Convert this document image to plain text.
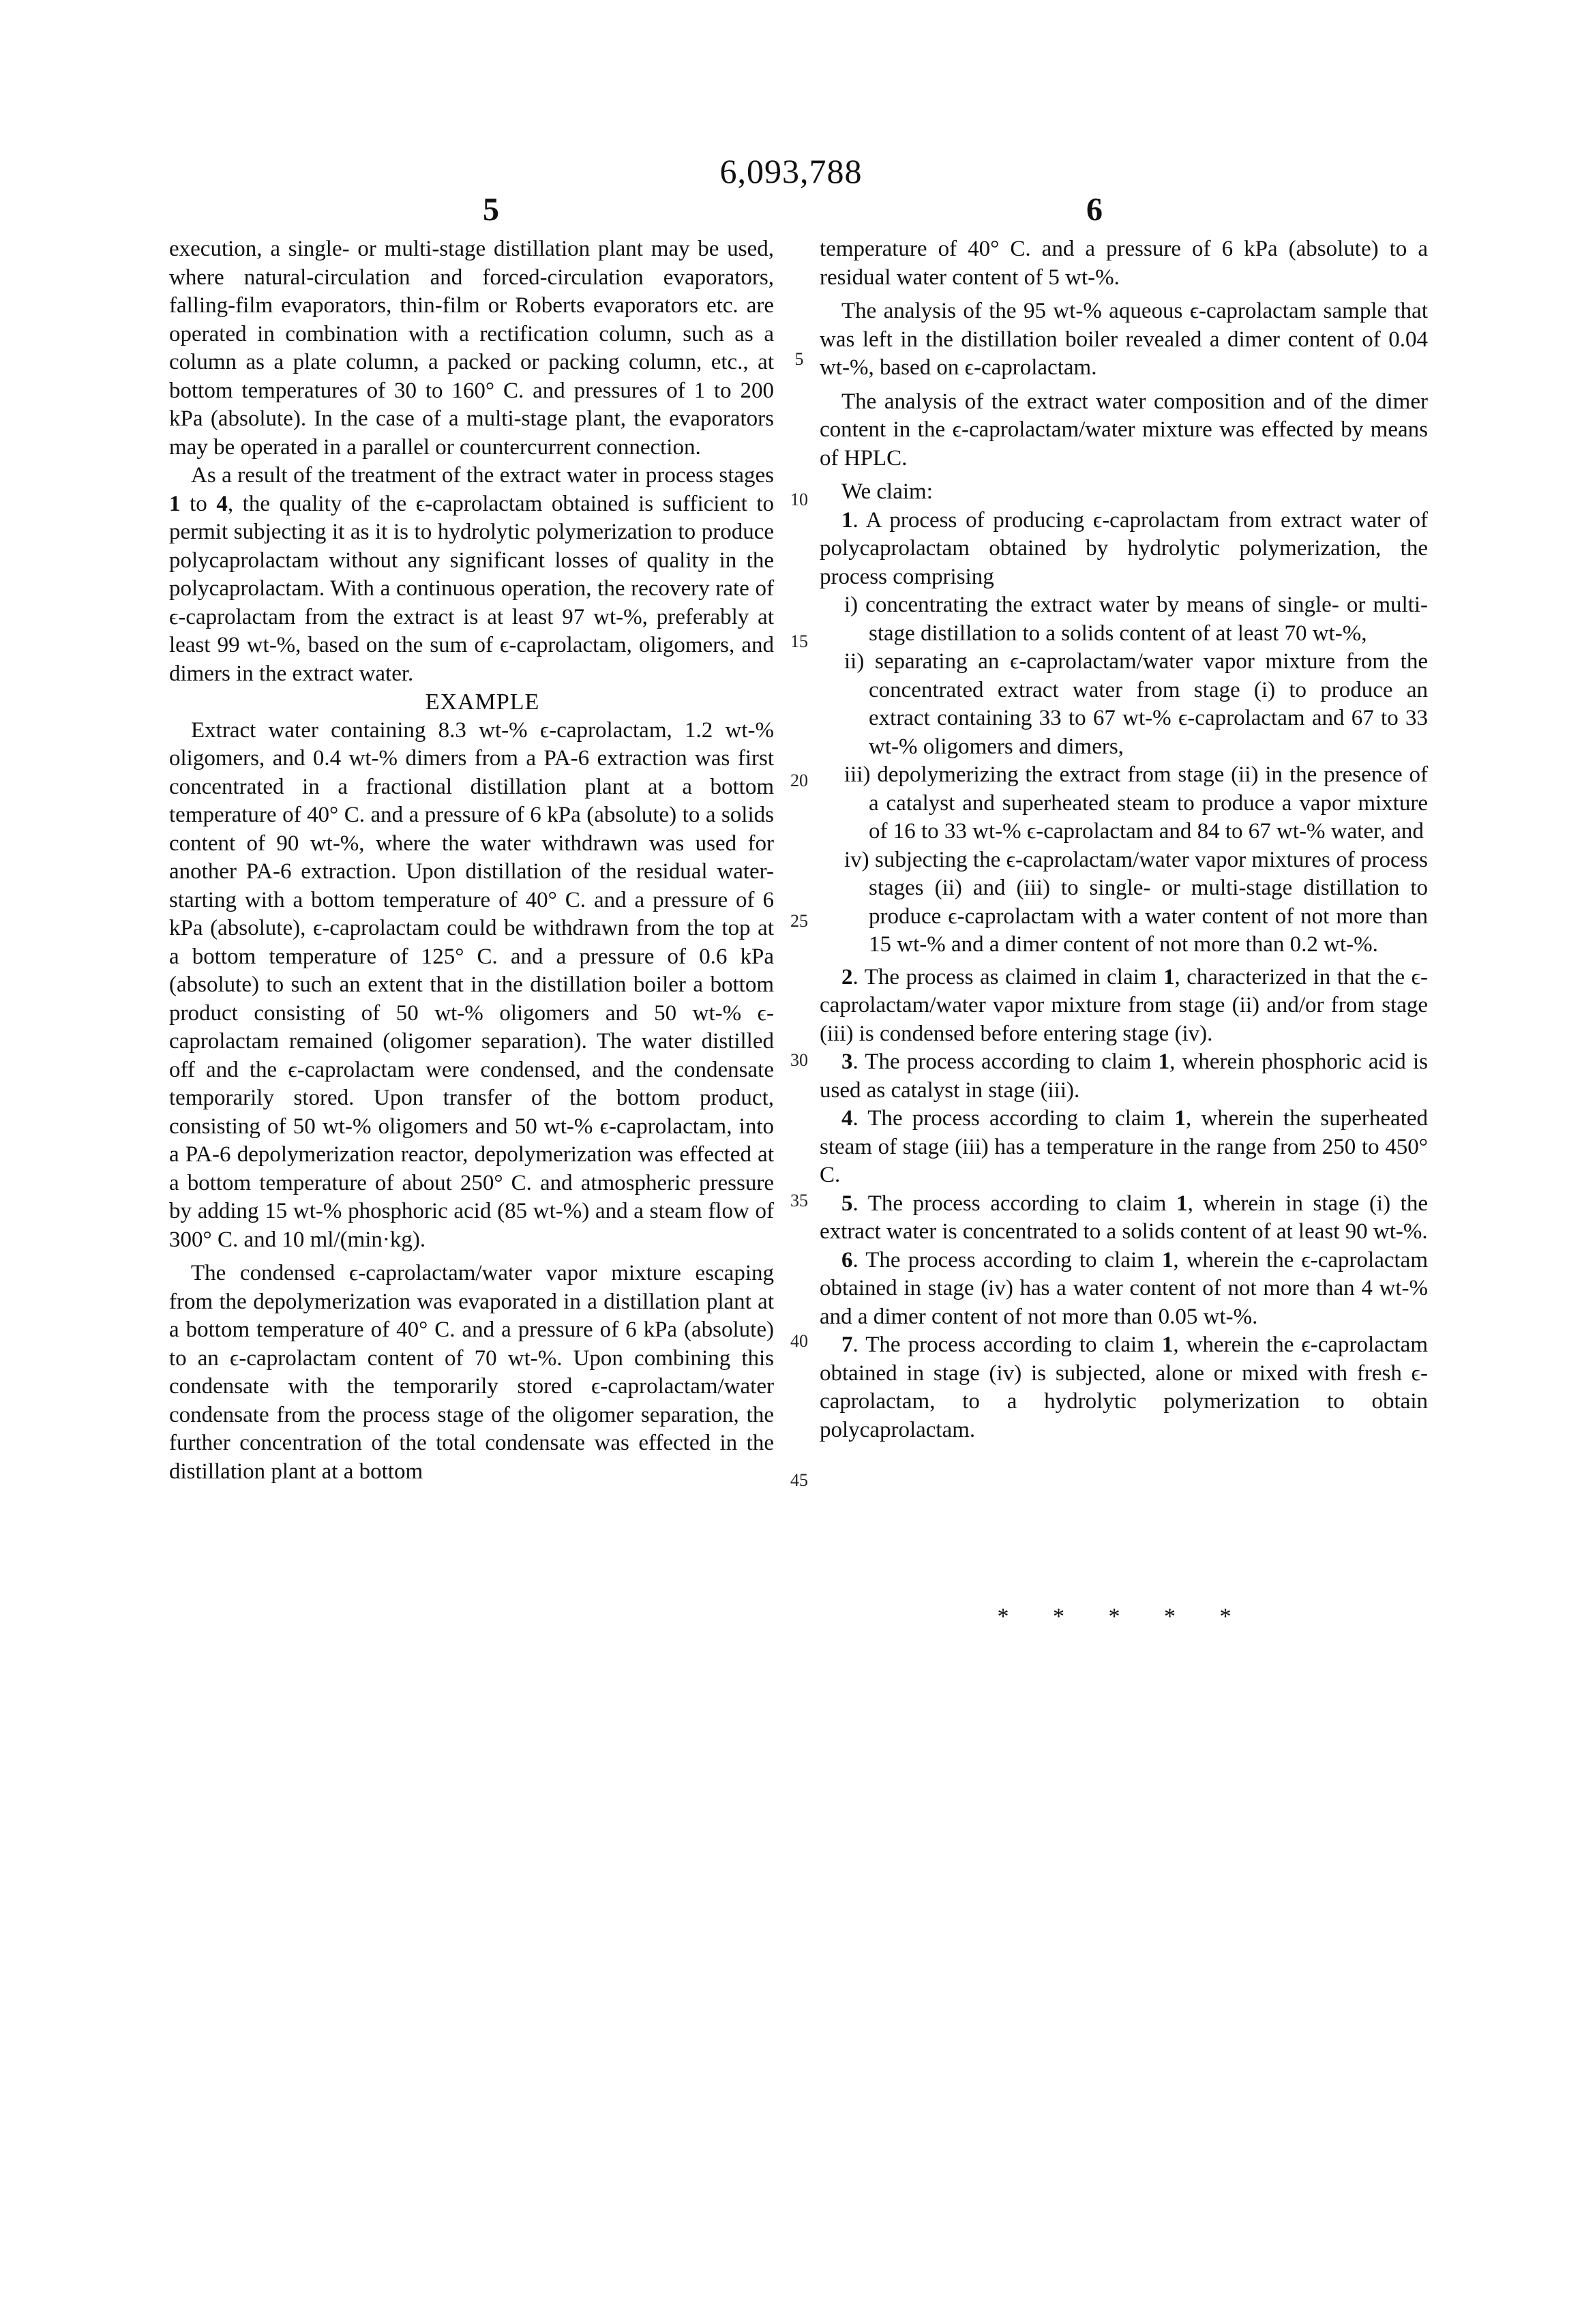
6,093,788
5	6

execution, a single- or multi-stage distillation plant may be used, where natural-circulation and forced-circulation evaporators, falling-film evaporators, thin-film or Roberts evaporators etc. are operated in combination with a rectification column, such as a column as a plate column, a packed or packing column, etc., at bottom temperatures of 30 to 160° C. and pressures of 1 to 200 kPa (absolute). In the case of a multi-stage plant, the evaporators may be operated in a parallel or countercurrent connection.

As a result of the treatment of the extract water in process stages 1 to 4, the quality of the ϵ-caprolactam obtained is sufficient to permit subjecting it as it is to hydrolytic polymerization to produce polycaprolactam without any significant losses of quality in the polycaprolactam. With a continuous operation, the recovery rate of ϵ-caprolactam from the extract is at least 97 wt-%, preferably at least 99 wt-%, based on the sum of ϵ-caprolactam, oligomers, and dimers in the extract water.

EXAMPLE

Extract water containing 8.3 wt-% ϵ-caprolactam, 1.2 wt-% oligomers, and 0.4 wt-% dimers from a PA-6 extraction was first concentrated in a fractional distillation plant at a bottom temperature of 40° C. and a pressure of 6 kPa (absolute) to a solids content of 90 wt-%, where the water withdrawn was used for another PA-6 extraction. Upon distillation of the residual water-starting with a bottom temperature of 40° C. and a pressure of 6 kPa (absolute), ϵ-caprolactam could be withdrawn from the top at a bottom temperature of 125° C. and a pressure of 0.6 kPa (absolute) to such an extent that in the distillation boiler a bottom product consisting of 50 wt-% oligomers and 50 wt-% ϵ-caprolactam remained (oligomer separation). The water distilled off and the ϵ-caprolactam were condensed, and the condensate temporarily stored. Upon transfer of the bottom product, consisting of 50 wt-% oligomers and 50 wt-% ϵ-caprolactam, into a PA-6 depolymerization reactor, depolymerization was effected at a bottom temperature of about 250° C. and atmospheric pressure by adding 15 wt-% phosphoric acid (85 wt-%) and a steam flow of 300° C. and 10 ml/(min·kg).

The condensed ϵ-caprolactam/water vapor mixture escaping from the depolymerization was evaporated in a distillation plant at a bottom temperature of 40° C. and a pressure of 6 kPa (absolute) to an ϵ-caprolactam content of 70 wt-%. Upon combining this condensate with the temporarily stored ϵ-caprolactam/water condensate from the process stage of the oligomer separation, the further concentration of the total condensate was effected in the distillation plant at a bottom

temperature of 40° C. and a pressure of 6 kPa (absolute) to a residual water content of 5 wt-%.

The analysis of the 95 wt-% aqueous ϵ-caprolactam sample that was left in the distillation boiler revealed a dimer content of 0.04 wt-%, based on ϵ-caprolactam.

The analysis of the extract water composition and of the dimer content in the ϵ-caprolactam/water mixture was effected by means of HPLC.

We claim:

1. A process of producing ϵ-caprolactam from extract water of polycaprolactam obtained by hydrolytic polymerization, the process comprising

i) concentrating the extract water by means of single- or multi-stage distillation to a solids content of at least 70 wt-%,
ii) separating an ϵ-caprolactam/water vapor mixture from the concentrated extract water from stage (i) to produce an extract containing 33 to 67 wt-% ϵ-caprolactam and 67 to 33 wt-% oligomers and dimers,
iii) depolymerizing the extract from stage (ii) in the presence of a catalyst and superheated steam to produce a vapor mixture of 16 to 33 wt-% ϵ-caprolactam and 84 to 67 wt-% water, and
iv) subjecting the ϵ-caprolactam/water vapor mixtures of process stages (ii) and (iii) to single- or multi-stage distillation to produce ϵ-caprolactam with a water content of not more than 15 wt-% and a dimer content of not more than 0.2 wt-%.

2. The process as claimed in claim 1, characterized in that the ϵ-caprolactam/water vapor mixture from stage (ii) and/or from stage (iii) is condensed before entering stage (iv).

3. The process according to claim 1, wherein phosphoric acid is used as catalyst in stage (iii).

4. The process according to claim 1, wherein the superheated steam of stage (iii) has a temperature in the range from 250 to 450° C.

5. The process according to claim 1, wherein in stage (i) the extract water is concentrated to a solids content of at least 90 wt-%.

6. The process according to claim 1, wherein the ϵ-caprolactam obtained in stage (iv) has a water content of not more than 4 wt-% and a dimer content of not more than 0.05 wt-%.

7. The process according to claim 1, wherein the ϵ-caprolactam obtained in stage (iv) is subjected, alone or mixed with fresh ϵ-caprolactam, to a hydrolytic polymerization to obtain polycaprolactam.

5
10
15
20
25
30
35
40
45
* * * * *
